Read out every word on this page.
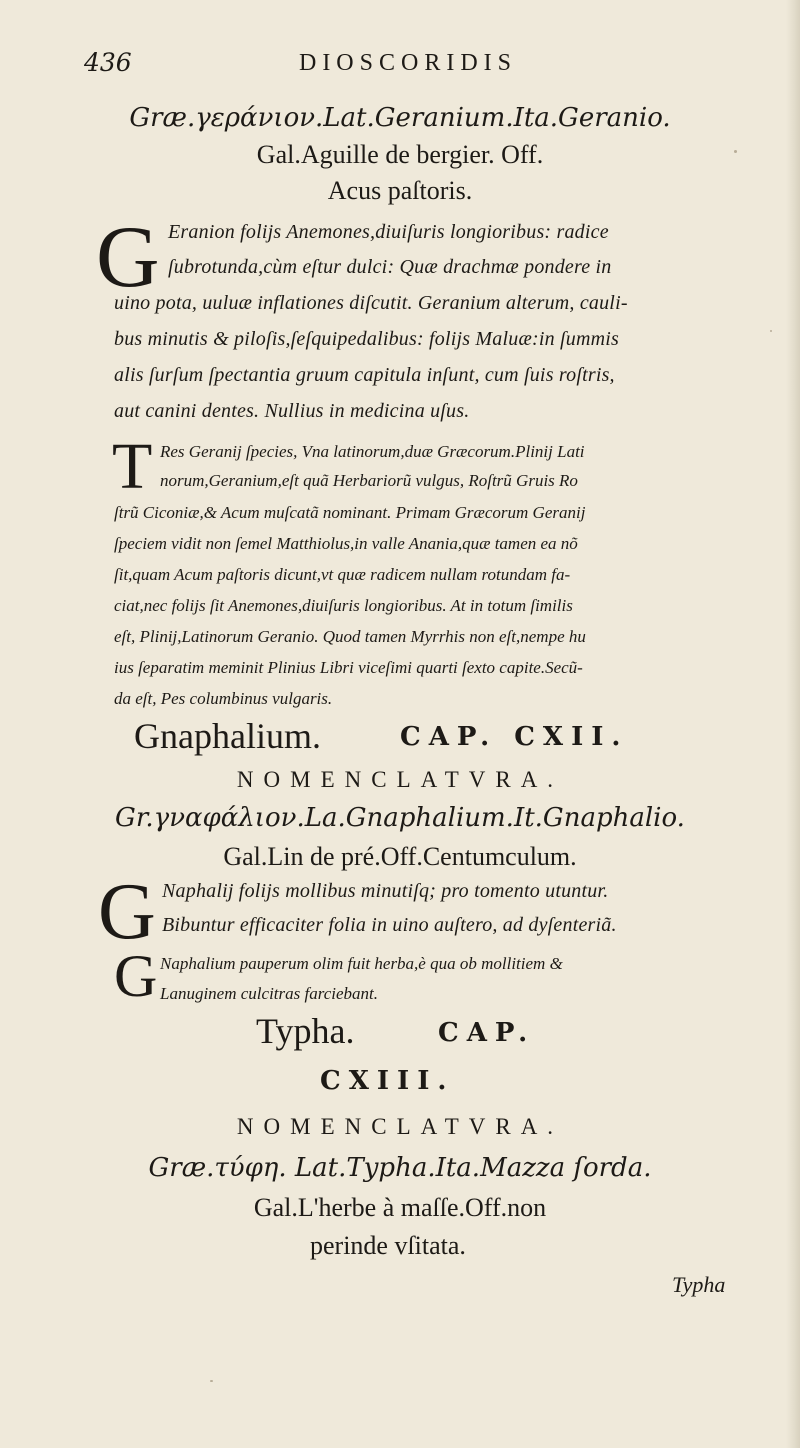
436	DIOSCORIDIS
Græ.γεράνιον.Lat.Geranium.Ita.Geranio.
Gal.Aguille de bergier. Off.
Acus paſtoris.
G Eranion folijs Anemones,diuiſuris longioribus: radice
ſubrotunda,cùm eſtur dulci: Quæ drachmæ pondere in
uino pota, uuluæ inflationes diſcutit. Geranium alterum, cauli-
bus minutis & piloſis,ſeſquipedalibus: folijs Maluæ:in ſummis
alis ſurſum ſpectantia gruum capitula inſunt, cum ſuis roſtris,
aut canini dentes. Nullius in medicina uſus.
T Res Geranij ſpecies, Vna latinorum,duæ Græcorum.Plinij Lati
norum,Geranium,eſt quã Herbariorũ vulgus, Roſtrũ Gruis Ro
ſtrũ Ciconiæ,& Acum muſcatã nominant. Primam Græcorum Geranij
ſpeciem vidit non ſemel Matthiolus,in valle Anania,quæ tamen ea nõ
ſit,quam Acum paſtoris dicunt,vt quæ radicem nullam rotundam fa-
ciat,nec folijs ſit Anemones,diuiſuris longioribus. At in totum ſimilis
eſt, Plinij,Latinorum Geranio. Quod tamen Myrrhis non eſt,nempe hu
ius ſeparatim meminit Plinius Libri viceſimi quarti ſexto capite.Secũ-
da eſt, Pes columbinus vulgaris.
Gnaphalium.	CAP. CXII.
NOMENCLATVRA.
Gr.γναφάλιον.La.Gnaphalium.It.Gnaphalio.
Gal.Lin de pré.Off.Centumculum.
G Naphalij folijs mollibus minutiſq; pro tomento utuntur.
Bibuntur efficaciter folia in uino auſtero, ad dyſenteriã.
G Naphalium pauperum olim fuit herba,è qua ob mollitiem &
Lanuginem culcitras farciebant.
Typha.	CAP.
CXIII.
NOMENCLATVRA.
Græ.τύφη. Lat.Typha.Ita.Mazza ſorda.
Gal.L'herbe à maſſe.Off.non
perinde vſitata.
Typha
